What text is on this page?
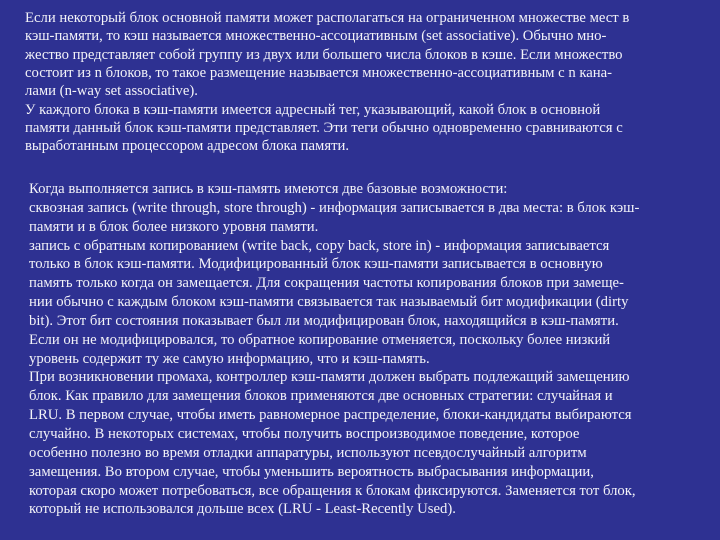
Если некоторый блок основной памяти может располагаться на ограниченном множестве мест в
кэш-памяти, то кэш называется множественно-ассоциативным (set associative). Обычно мно-
жество представляет собой группу из двух или большего числа блоков в кэше. Если множество
состоит из n блоков, то такое размещение называется множественно-ассоциативным с n кана-
лами (n-way set associative).
У каждого блока в кэш-памяти имеется адресный тег, указывающий, какой блок в основной
памяти данный блок кэш-памяти представляет. Эти теги обычно одновременно сравниваются с
выработанным процессором адресом блока памяти.
Когда выполняется запись в кэш-память имеются две базовые возможности:
сквозная запись (write through, store through) - информация записывается в два места: в блок кэш-
памяти и в блок более низкого уровня памяти.
запись с обратным копированием (write back, copy back, store in) - информация записывается
только в блок кэш-памяти. Модифицированный блок кэш-памяти записывается в основную
память только когда он замещается. Для сокращения частоты копирования блоков при замеще-
нии обычно с каждым блоком кэш-памяти связывается так называемый бит модификации (dirty
bit). Этот бит состояния показывает был ли модифицирован блок, находящийся в кэш-памяти.
Если он не модифицировался, то обратное копирование отменяется, поскольку более низкий
уровень содержит ту же самую информацию, что и кэш-память.
При возникновении промаха, контроллер кэш-памяти должен выбрать подлежащий замещению
блок. Как правило для замещения блоков применяются две основных стратегии: случайная и
LRU. В первом случае, чтобы иметь равномерное распределение, блоки-кандидаты выбираются
случайно. В некоторых системах, чтобы получить воспроизводимое поведение, которое
особенно полезно во время отладки аппаратуры, используют псевдослучайный алгоритм
замещения. Во втором случае, чтобы уменьшить вероятность выбрасывания информации,
которая скоро может потребоваться, все обращения к блокам фиксируются. Заменяется тот блок,
который не использовался дольше всех (LRU - Least-Recently Used).
